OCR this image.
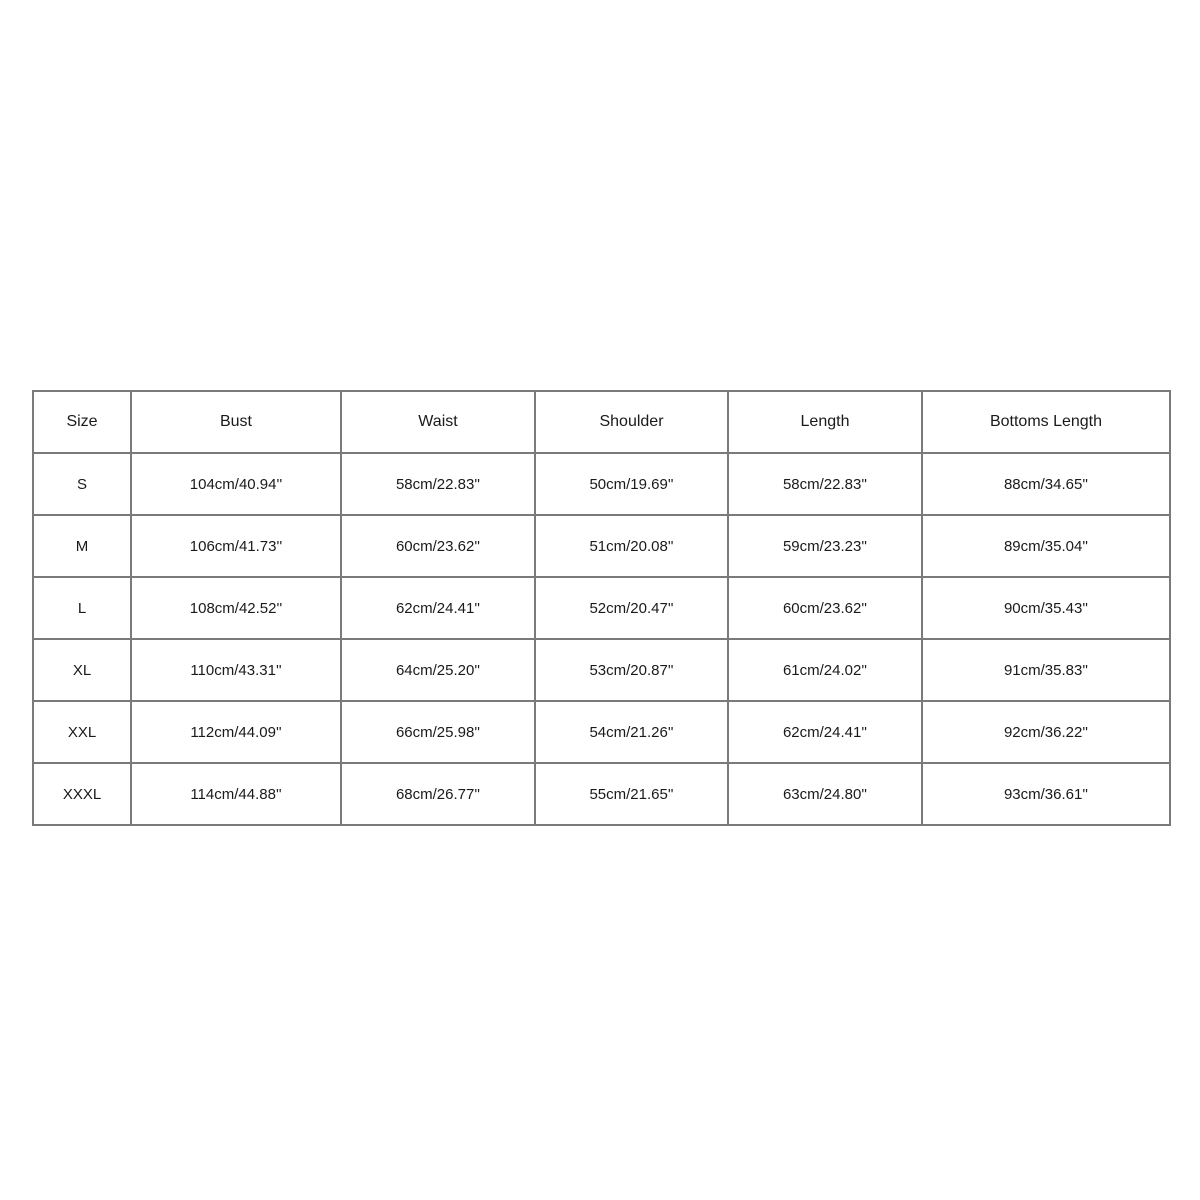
Size	Bust	Waist	Shoulder	Length	Bottoms Length
S	104cm/40.94''	58cm/22.83''	50cm/19.69''	58cm/22.83''	88cm/34.65''
M	106cm/41.73''	60cm/23.62''	51cm/20.08''	59cm/23.23''	89cm/35.04''
L	108cm/42.52''	62cm/24.41''	52cm/20.47''	60cm/23.62''	90cm/35.43''
XL	110cm/43.31''	64cm/25.20''	53cm/20.87''	61cm/24.02''	91cm/35.83''
XXL	112cm/44.09''	66cm/25.98''	54cm/21.26''	62cm/24.41''	92cm/36.22''
XXXL	114cm/44.88''	68cm/26.77''	55cm/21.65''	63cm/24.80''	93cm/36.61''
